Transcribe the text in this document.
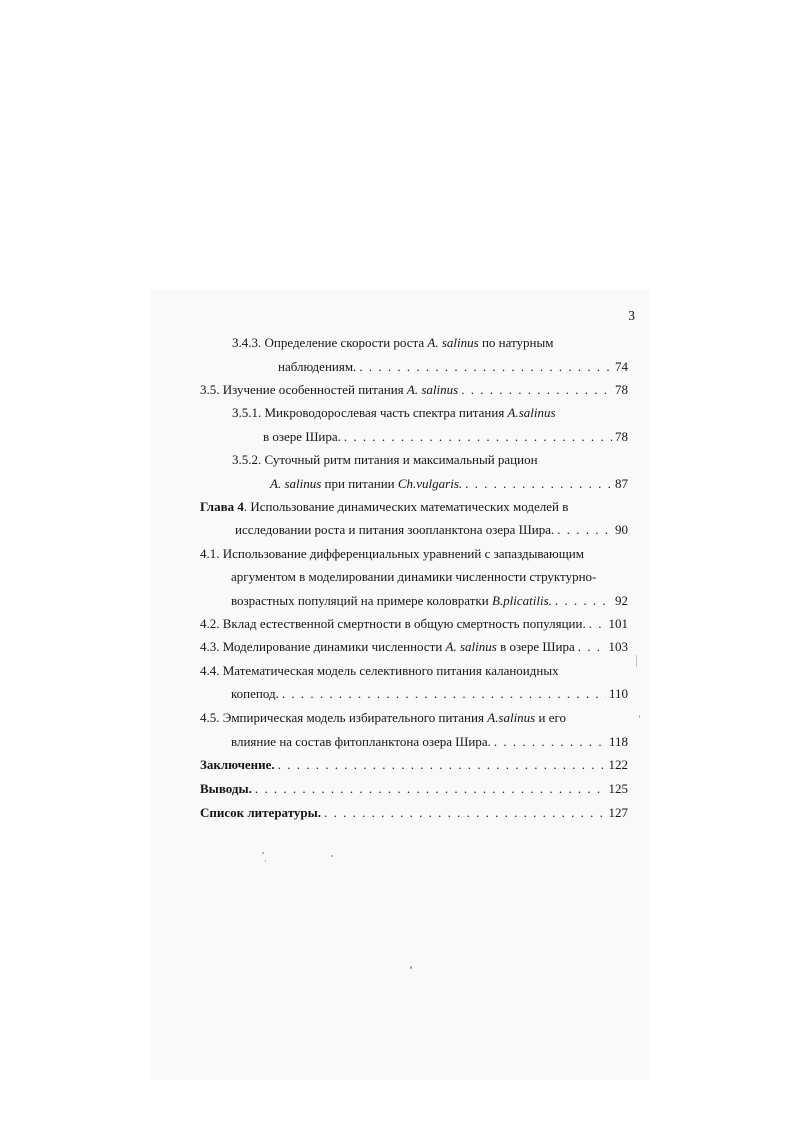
3
3.4.3. Определение скорости роста A. salinus по натурным
наблюдениям. . . .	74
3.5. Изучение особенностей питания A. salinus . . .	78
3.5.1. Микроводорослевая часть спектра питания A.salinus
в озере Шира. . . .	78
3.5.2. Суточный ритм питания и максимальный рацион
A. salinus при питании Ch.vulgaris. . . .	87
Глава 4. Использование динамических математических моделей в
исследовании роста и питания зоопланктона озера Шира. . . .	90
4.1. Использование дифференциальных уравнений с запаздывающим
аргументом в моделировании динамики численности структурно-
возрастных популяций на примере коловратки B.plicatilis. . . .	92
4.2. Вклад естественной смертности в общую смертность популяции. . . . 101
4.3. Моделирование динамики численности A. salinus в озере Шира . . .	103
4.4. Математическая модель селективного питания каланоидных
копепод. . . .	110
4.5. Эмпирическая модель избирательного питания A.salinus и его
влияние на состав фитопланктона озера Шира. . . .	118
Заключение. . . .	122
Выводы. . . .	125
Список литературы. . . .	127
